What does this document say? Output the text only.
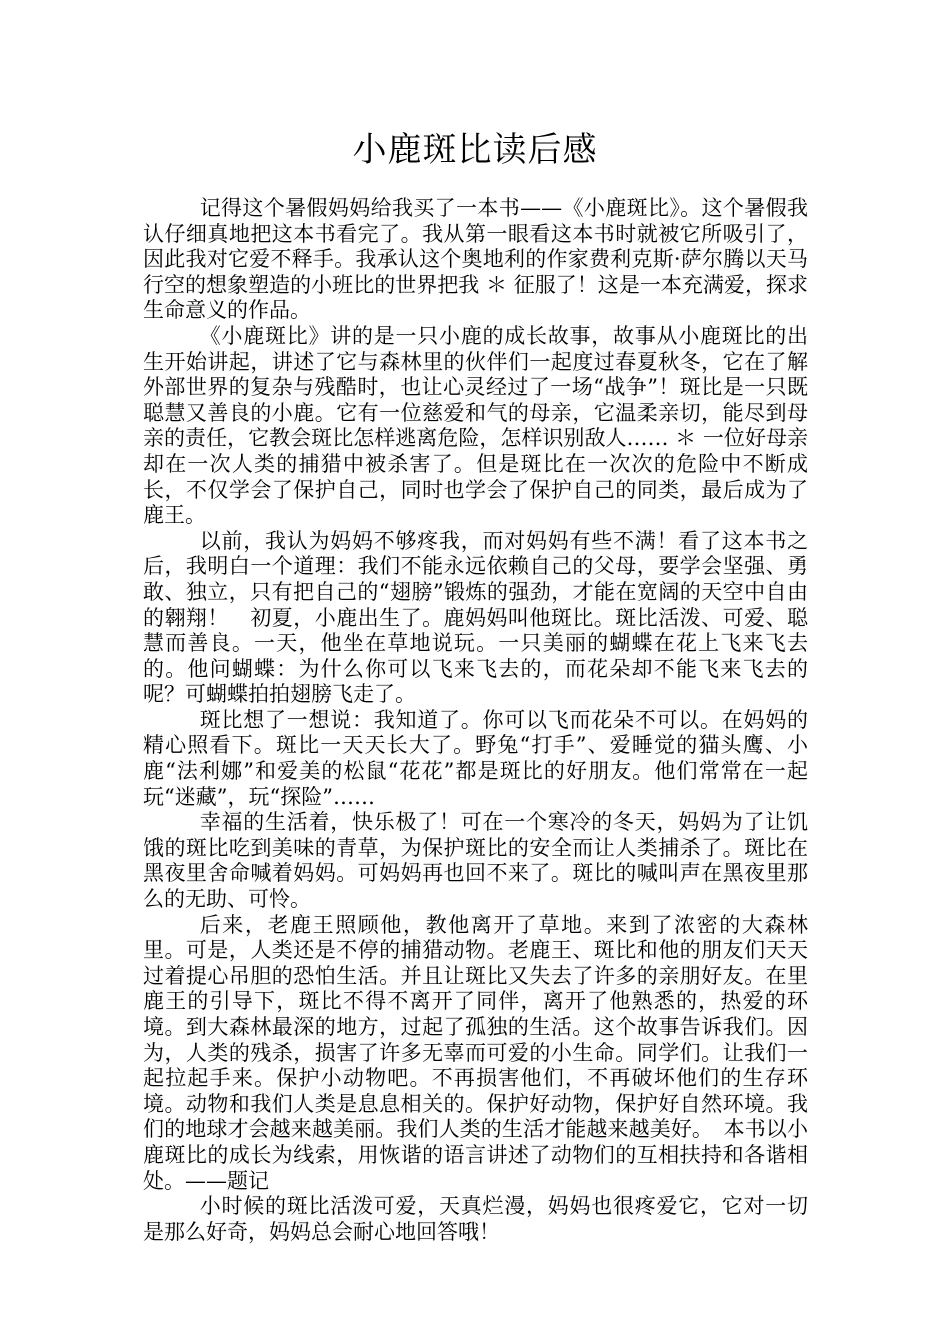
小鹿斑比读后感

记得这个暑假妈妈给我买了一本书——《小鹿斑比》。这个暑假我认仔细真地把这本书看完了。我从第一眼看这本书时就被它所吸引了，因此我对它爱不释手。我承认这个奥地利的作家费利克斯·萨尔腾以天马行空的想象塑造的小班比的世界把我 ＊ 征服了！这是一本充满爱，探求生命意义的作品。

《小鹿斑比》讲的是一只小鹿的成长故事，故事从小鹿斑比的出生开始讲起，讲述了它与森林里的伙伴们一起度过春夏秋冬，它在了解外部世界的复杂与残酷时，也让心灵经过了一场“战争”！斑比是一只既聪慧又善良的小鹿。它有一位慈爱和气的母亲，它温柔亲切，能尽到母亲的责任，它教会斑比怎样逃离危险，怎样识别敌人…… ＊ 一位好母亲却在一次人类的捕猎中被杀害了。但是斑比在一次次的危险中不断成长，不仅学会了保护自己，同时也学会了保护自己的同类，最后成为了鹿王。

以前，我认为妈妈不够疼我，而对妈妈有些不满！看了这本书之后，我明白一个道理：我们不能永远依赖自己的父母，要学会坚强、勇敢、独立，只有把自己的“翅膀”锻炼的强劲，才能在宽阔的天空中自由的翱翔！　初夏，小鹿出生了。鹿妈妈叫他斑比。斑比活泼、可爱、聪慧而善良。一天，他坐在草地说玩。一只美丽的蝴蝶在花上飞来飞去的。他问蝴蝶：为什么你可以飞来飞去的，而花朵却不能飞来飞去的呢？可蝴蝶拍拍翅膀飞走了。

斑比想了一想说：我知道了。你可以飞而花朵不可以。在妈妈的精心照看下。斑比一天天长大了。野兔“打手”、爱睡觉的猫头鹰、小鹿“法利娜”和爱美的松鼠“花花”都是斑比的好朋友。他们常常在一起玩“迷藏”，玩“探险”……

幸福的生活着，快乐极了！可在一个寒冷的冬天，妈妈为了让饥饿的斑比吃到美味的青草，为保护斑比的安全而让人类捕杀了。斑比在黑夜里舍命喊着妈妈。可妈妈再也回不来了。斑比的喊叫声在黑夜里那么的无助、可怜。

后来，老鹿王照顾他，教他离开了草地。来到了浓密的大森林里。可是，人类还是不停的捕猎动物。老鹿王、斑比和他的朋友们天天过着提心吊胆的恐怕生活。并且让斑比又失去了许多的亲朋好友。在里鹿王的引导下，斑比不得不离开了同伴，离开了他熟悉的，热爱的环境。到大森林最深的地方，过起了孤独的生活。这个故事告诉我们。因为，人类的残杀，损害了许多无辜而可爱的小生命。同学们。让我们一起拉起手来。保护小动物吧。不再损害他们，不再破坏他们的生存环境。动物和我们人类是息息相关的。保护好动物，保护好自然环境。我们的地球才会越来越美丽。我们人类的生活才能越来越美好。　本书以小鹿斑比的成长为线索，用恢谐的语言讲述了动物们的互相扶持和各谐相处。——题记

小时候的斑比活泼可爱，天真烂漫，妈妈也很疼爱它，它对一切是那么好奇，妈妈总会耐心地回答哦！
